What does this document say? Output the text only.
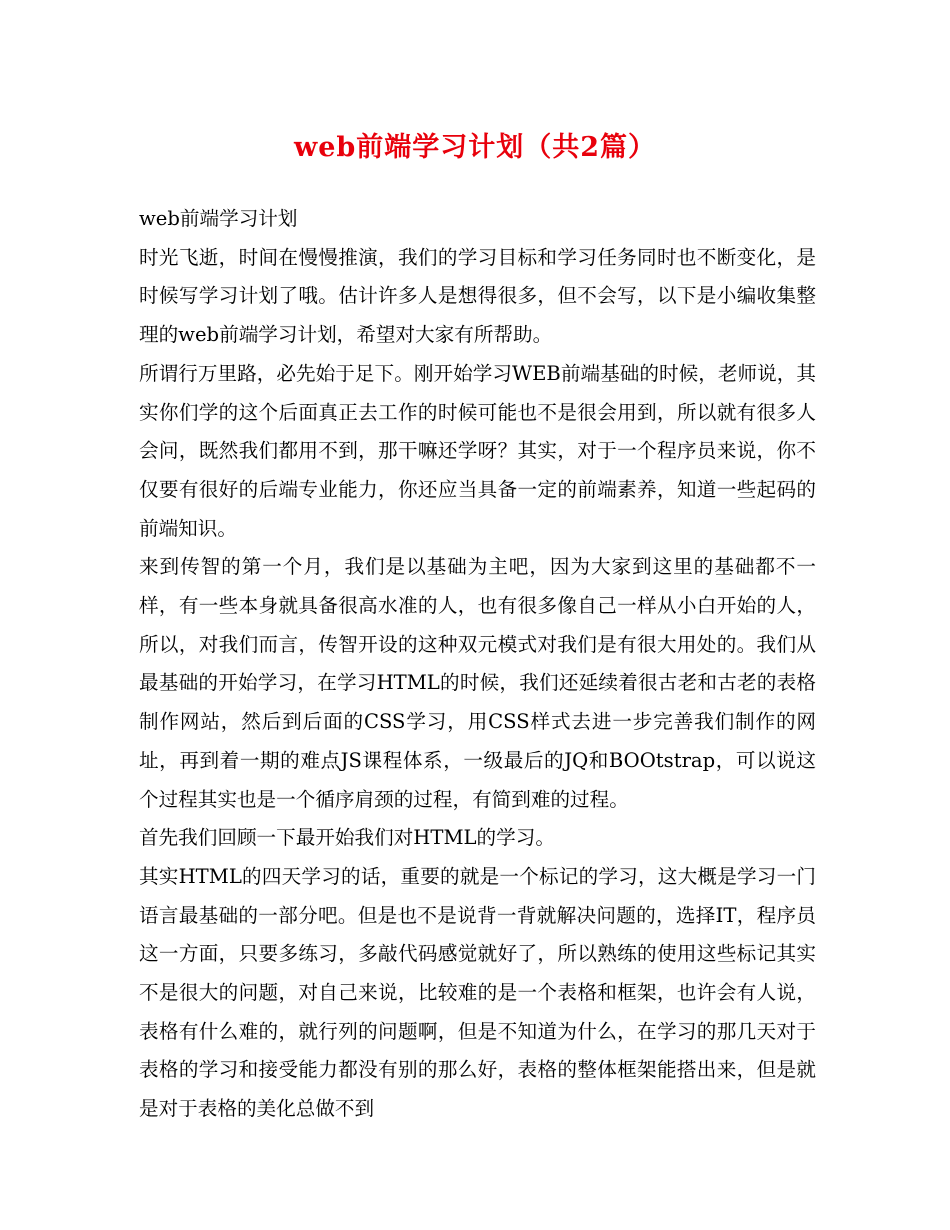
web前端学习计划（共2篇）

web前端学习计划

时光飞逝，时间在慢慢推演，我们的学习目标和学习任务同时也不断变化，是时候写学习计划了哦。估计许多人是想得很多，但不会写，以下是小编收集整理的web前端学习计划，希望对大家有所帮助。

所谓行万里路，必先始于足下。刚开始学习WEB前端基础的时候，老师说，其实你们学的这个后面真正去工作的时候可能也不是很会用到，所以就有很多人会问，既然我们都用不到，那干嘛还学呀？其实，对于一个程序员来说，你不仅要有很好的后端专业能力，你还应当具备一定的前端素养，知道一些起码的前端知识。

来到传智的第一个月，我们是以基础为主吧，因为大家到这里的基础都不一样，有一些本身就具备很高水准的人，也有很多像自己一样从小白开始的人，所以，对我们而言，传智开设的这种双元模式对我们是有很大用处的。我们从最基础的开始学习，在学习HTML的时候，我们还延续着很古老和古老的表格制作网站，然后到后面的CSS学习，用CSS样式去进一步完善我们制作的网址，再到着一期的难点JS课程体系，一级最后的JQ和BOOtstrap，可以说这个过程其实也是一个循序肩颈的过程，有简到难的过程。

首先我们回顾一下最开始我们对HTML的学习。

其实HTML的四天学习的话，重要的就是一个标记的学习，这大概是学习一门语言最基础的一部分吧。但是也不是说背一背就解决问题的，选择IT，程序员这一方面，只要多练习，多敲代码感觉就好了，所以熟练的使用这些标记其实不是很大的问题，对自己来说，比较难的是一个表格和框架，也许会有人说，表格有什么难的，就行列的问题啊，但是不知道为什么，在学习的那几天对于表格的学习和接受能力都没有别的那么好，表格的整体框架能搭出来，但是就是对于表格的美化总做不到
